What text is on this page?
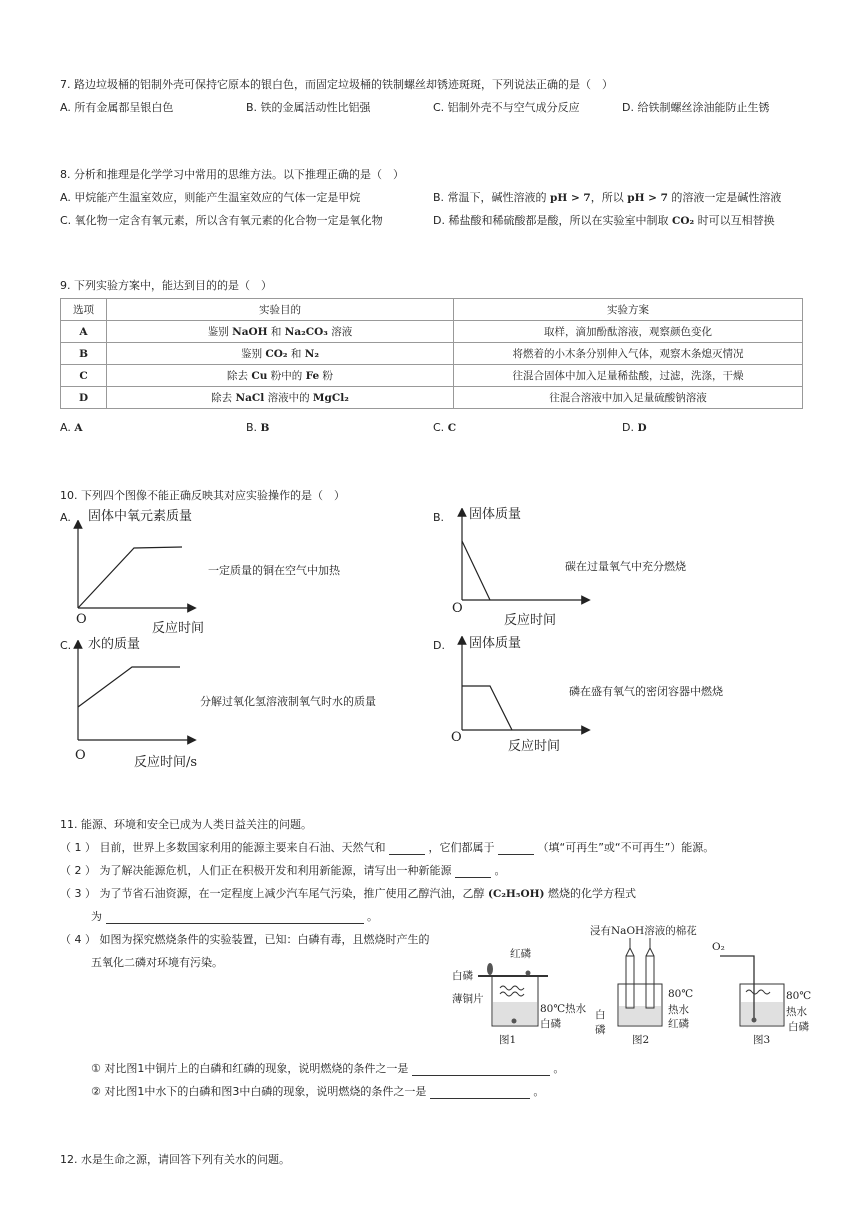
7. 路边垃圾桶的铝制外壳可保持它原本的银白色，而固定垃圾桶的铁制螺丝却锈迹斑斑，下列说法正确的是（　）
A. 所有金属都呈银白色	B. 铁的金属活动性比铝强	C. 铝制外壳不与空气成分反应	D. 给铁制螺丝涂油能防止生锈
8. 分析和推理是化学学习中常用的思维方法。以下推理正确的是（　）
A. 甲烷能产生温室效应，则能产生温室效应的气体一定是甲烷	B. 常温下，碱性溶液的 pH > 7，所以 pH > 7 的溶液一定是碱性溶液
C. 氧化物一定含有氧元素，所以含有氧元素的化合物一定是氧化物	D. 稀盐酸和稀硫酸都是酸，所以在实验室中制取 CO₂ 时可以互相替换
9. 下列实验方案中，能达到目的的是（　）
选项	实验目的	实验方案
A	鉴别 NaOH 和 Na₂CO₃ 溶液	取样，滴加酚酞溶液，观察颜色变化
B	鉴别 CO₂ 和 N₂	将燃着的小木条分别伸入气体，观察木条熄灭情况
C	除去 Cu 粉中的 Fe 粉	往混合固体中加入足量稀盐酸，过滤，洗涤，干燥
D	除去 NaCl 溶液中的 MgCl₂	往混合溶液中加入足量硫酸钠溶液
A. A	B. B	C. C	D. D
10. 下列四个图像不能正确反映其对应实验操作的是（　）
A. 固体中氧元素质量
O
反应时间
一定质量的铜在空气中加热
B. 固体质量
O
反应时间
碳在过量氧气中充分燃烧
C. 水的质量
O	反应时间/s
分解过氧化氢溶液制氧气时水的质量
D. 固体质量
O
反应时间
磷在盛有氧气的密闭容器中燃烧
11. 能源、环境和安全已成为人类日益关注的问题。
（ 1 ） 目前，世界上多数国家利用的能源主要来自石油、天然气和	，它们都属于	（填“可再生”或“不可再生”）能源。
（ 2 ） 为了解决能源危机，人们正在积极开发和利用新能源，请写出一种新能源	。
（ 3 ） 为了节省石油资源，在一定程度上减少汽车尾气污染，推广使用乙醇汽油，乙醇 (C₂H₅OH) 燃烧的化学方程式
为	。
（ 4 ） 如图为探究燃烧条件的实验装置，已知：白磷有毒，且燃烧时产生的
五氧化二磷对环境有污染。
浸有NaOH溶液的棉花
红磷
白磷
薄铜片
80℃热水
白磷
图1
白
磷
80℃
热水
红磷
图2
O₂
80℃
热水
白磷
图3
① 对比图1中铜片上的白磷和红磷的现象，说明燃烧的条件之一是	。
② 对比图1中水下的白磷和图3中白磷的现象，说明燃烧的条件之一是	。
12. 水是生命之源，请回答下列有关水的问题。
